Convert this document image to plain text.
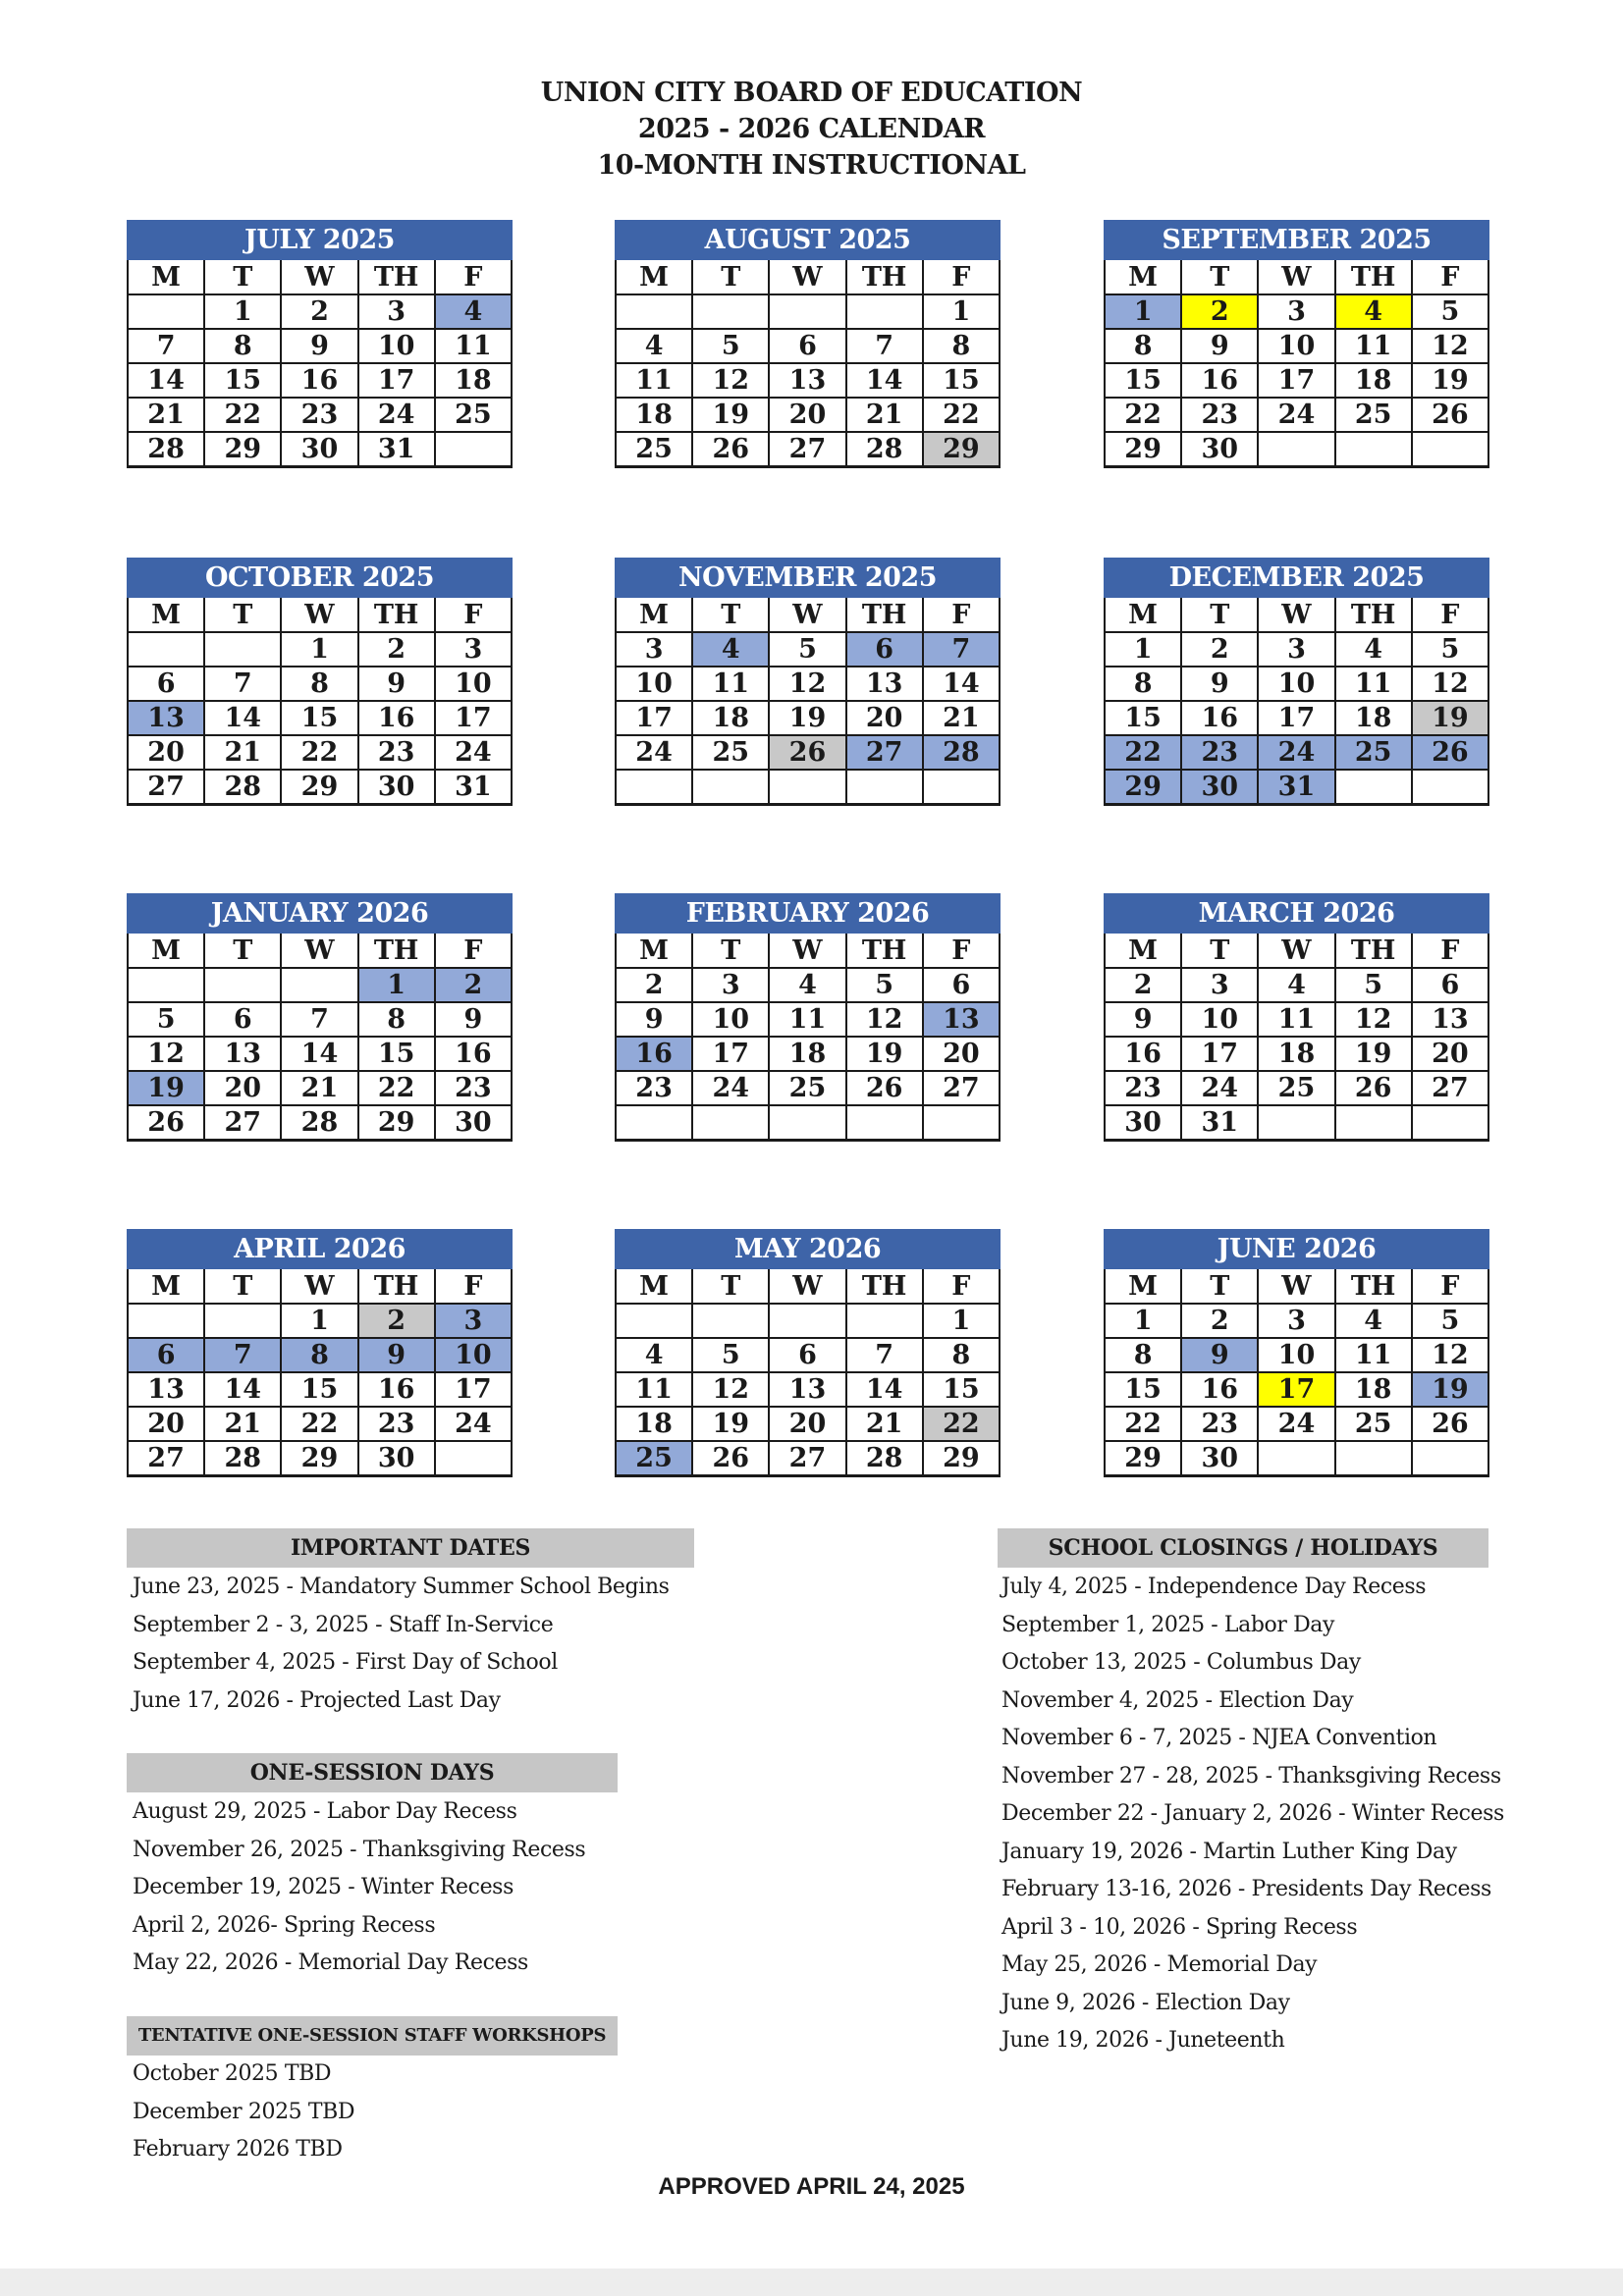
UNION CITY BOARD OF EDUCATION
2025 - 2026 CALENDAR
10-MONTH INSTRUCTIONAL
JULY 2025				
M	T	W	TH	F
	1	2	3	4
7	8	9	10	11
14	15	16	17	18
21	22	23	24	25
28	29	30	31	
AUGUST 2025				
M	T	W	TH	F
				1
4	5	6	7	8
11	12	13	14	15
18	19	20	21	22
25	26	27	28	29
SEPTEMBER 2025				
M	T	W	TH	F
1	2	3	4	5
8	9	10	11	12
15	16	17	18	19
22	23	24	25	26
29	30			
OCTOBER 2025				
M	T	W	TH	F
		1	2	3
6	7	8	9	10
13	14	15	16	17
20	21	22	23	24
27	28	29	30	31
NOVEMBER 2025				
M	T	W	TH	F
3	4	5	6	7
10	11	12	13	14
17	18	19	20	21
24	25	26	27	28

DECEMBER 2025				
M	T	W	TH	F
1	2	3	4	5
8	9	10	11	12
15	16	17	18	19
22	23	24	25	26
29	30	31		
JANUARY 2026				
M	T	W	TH	F
			1	2
5	6	7	8	9
12	13	14	15	16
19	20	21	22	23
26	27	28	29	30
FEBRUARY 2026				
M	T	W	TH	F
2	3	4	5	6
9	10	11	12	13
16	17	18	19	20
23	24	25	26	27

MARCH 2026				
M	T	W	TH	F
2	3	4	5	6
9	10	11	12	13
16	17	18	19	20
23	24	25	26	27
30	31			
APRIL 2026				
M	T	W	TH	F
		1	2	3
6	7	8	9	10
13	14	15	16	17
20	21	22	23	24
27	28	29	30	
MAY 2026				
M	T	W	TH	F
				1
4	5	6	7	8
11	12	13	14	15
18	19	20	21	22
25	26	27	28	29
JUNE 2026				
M	T	W	TH	F
1	2	3	4	5
8	9	10	11	12
15	16	17	18	19
22	23	24	25	26
29	30			
IMPORTANT DATES
June 23, 2025 - Mandatory Summer School Begins
September 2 - 3, 2025 - Staff In-Service
September 4, 2025 - First Day of School
June 17, 2026 - Projected Last Day
ONE-SESSION DAYS
August 29, 2025 - Labor Day Recess
November 26, 2025 - Thanksgiving Recess
December 19, 2025 - Winter Recess
April 2, 2026- Spring Recess
May 22, 2026 - Memorial Day Recess
TENTATIVE ONE-SESSION STAFF WORKSHOPS
October 2025 TBD
December 2025 TBD
February 2026 TBD
SCHOOL CLOSINGS / HOLIDAYS
July 4, 2025 - Independence Day Recess
September 1, 2025 - Labor Day
October 13, 2025 - Columbus Day
November 4, 2025 - Election Day
November 6 - 7, 2025 - NJEA Convention
November 27 - 28, 2025 - Thanksgiving Recess
December 22 - January 2, 2026 - Winter Recess
January 19, 2026 - Martin Luther King Day
February 13-16, 2026 - Presidents Day Recess
April 3 - 10, 2026 - Spring Recess
May 25, 2026 - Memorial Day
June 9, 2026 - Election Day
June 19, 2026 - Juneteenth
APPROVED APRIL 24, 2025
